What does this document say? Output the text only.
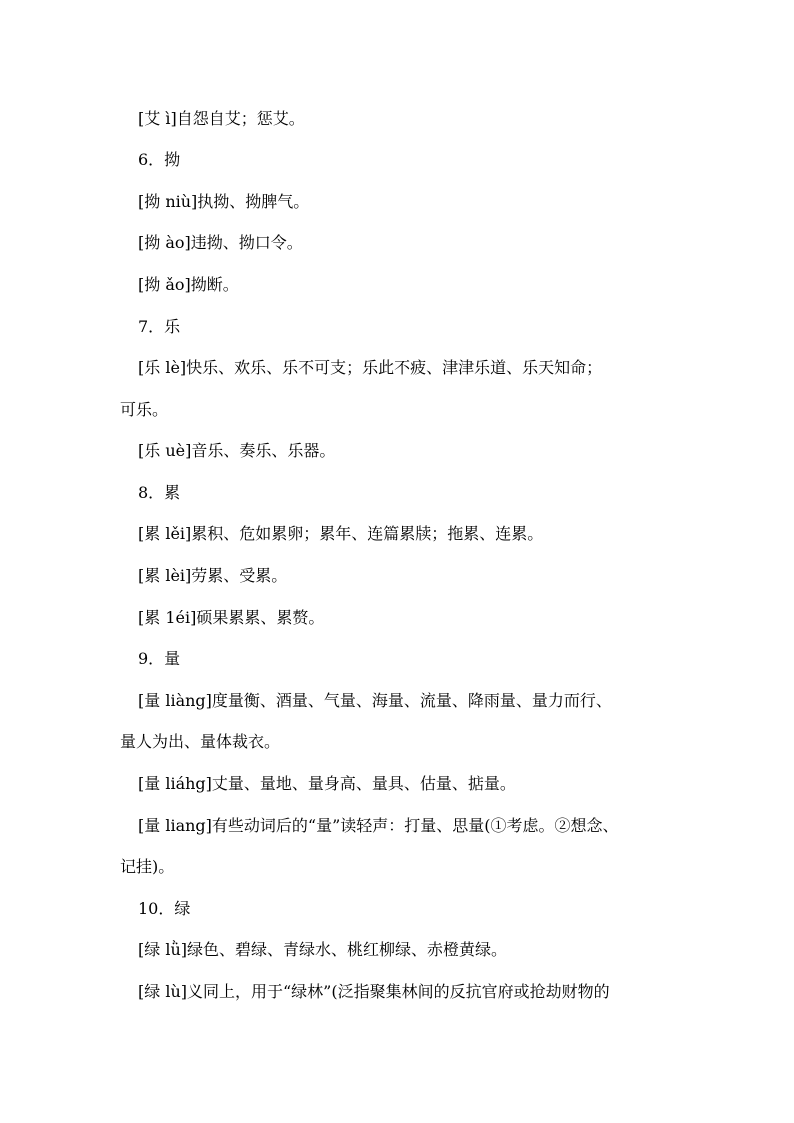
[艾 ì]自怨自艾；惩艾。
6．拗
[拗 niù]执拗、拗脾气。
[拗 ào]违拗、拗口令。
[拗 ǎo]拗断。
7．乐
[乐 lè]快乐、欢乐、乐不可支；乐此不疲、津津乐道、乐天知命；
可乐。
[乐 uè]音乐、奏乐、乐器。
8．累
[累 lěi]累积、危如累卵；累年、连篇累牍；拖累、连累。
[累 lèi]劳累、受累。
[累 1éi]硕果累累、累赘。
9．量
[量 liàng]度量衡、酒量、气量、海量、流量、降雨量、量力而行、
量人为出、量体裁衣。
[量 liáhg]丈量、量地、量身高、量具、估量、掂量。
[量 liang]有些动词后的“量”读轻声：打量、思量(①考虑。②想念、
记挂)。
10．绿
[绿 lǜ]绿色、碧绿、青绿水、桃红柳绿、赤橙黄绿。
[绿 lù]义同上，用于“绿林”(泛指聚集林间的反抗官府或抢劫财物的
